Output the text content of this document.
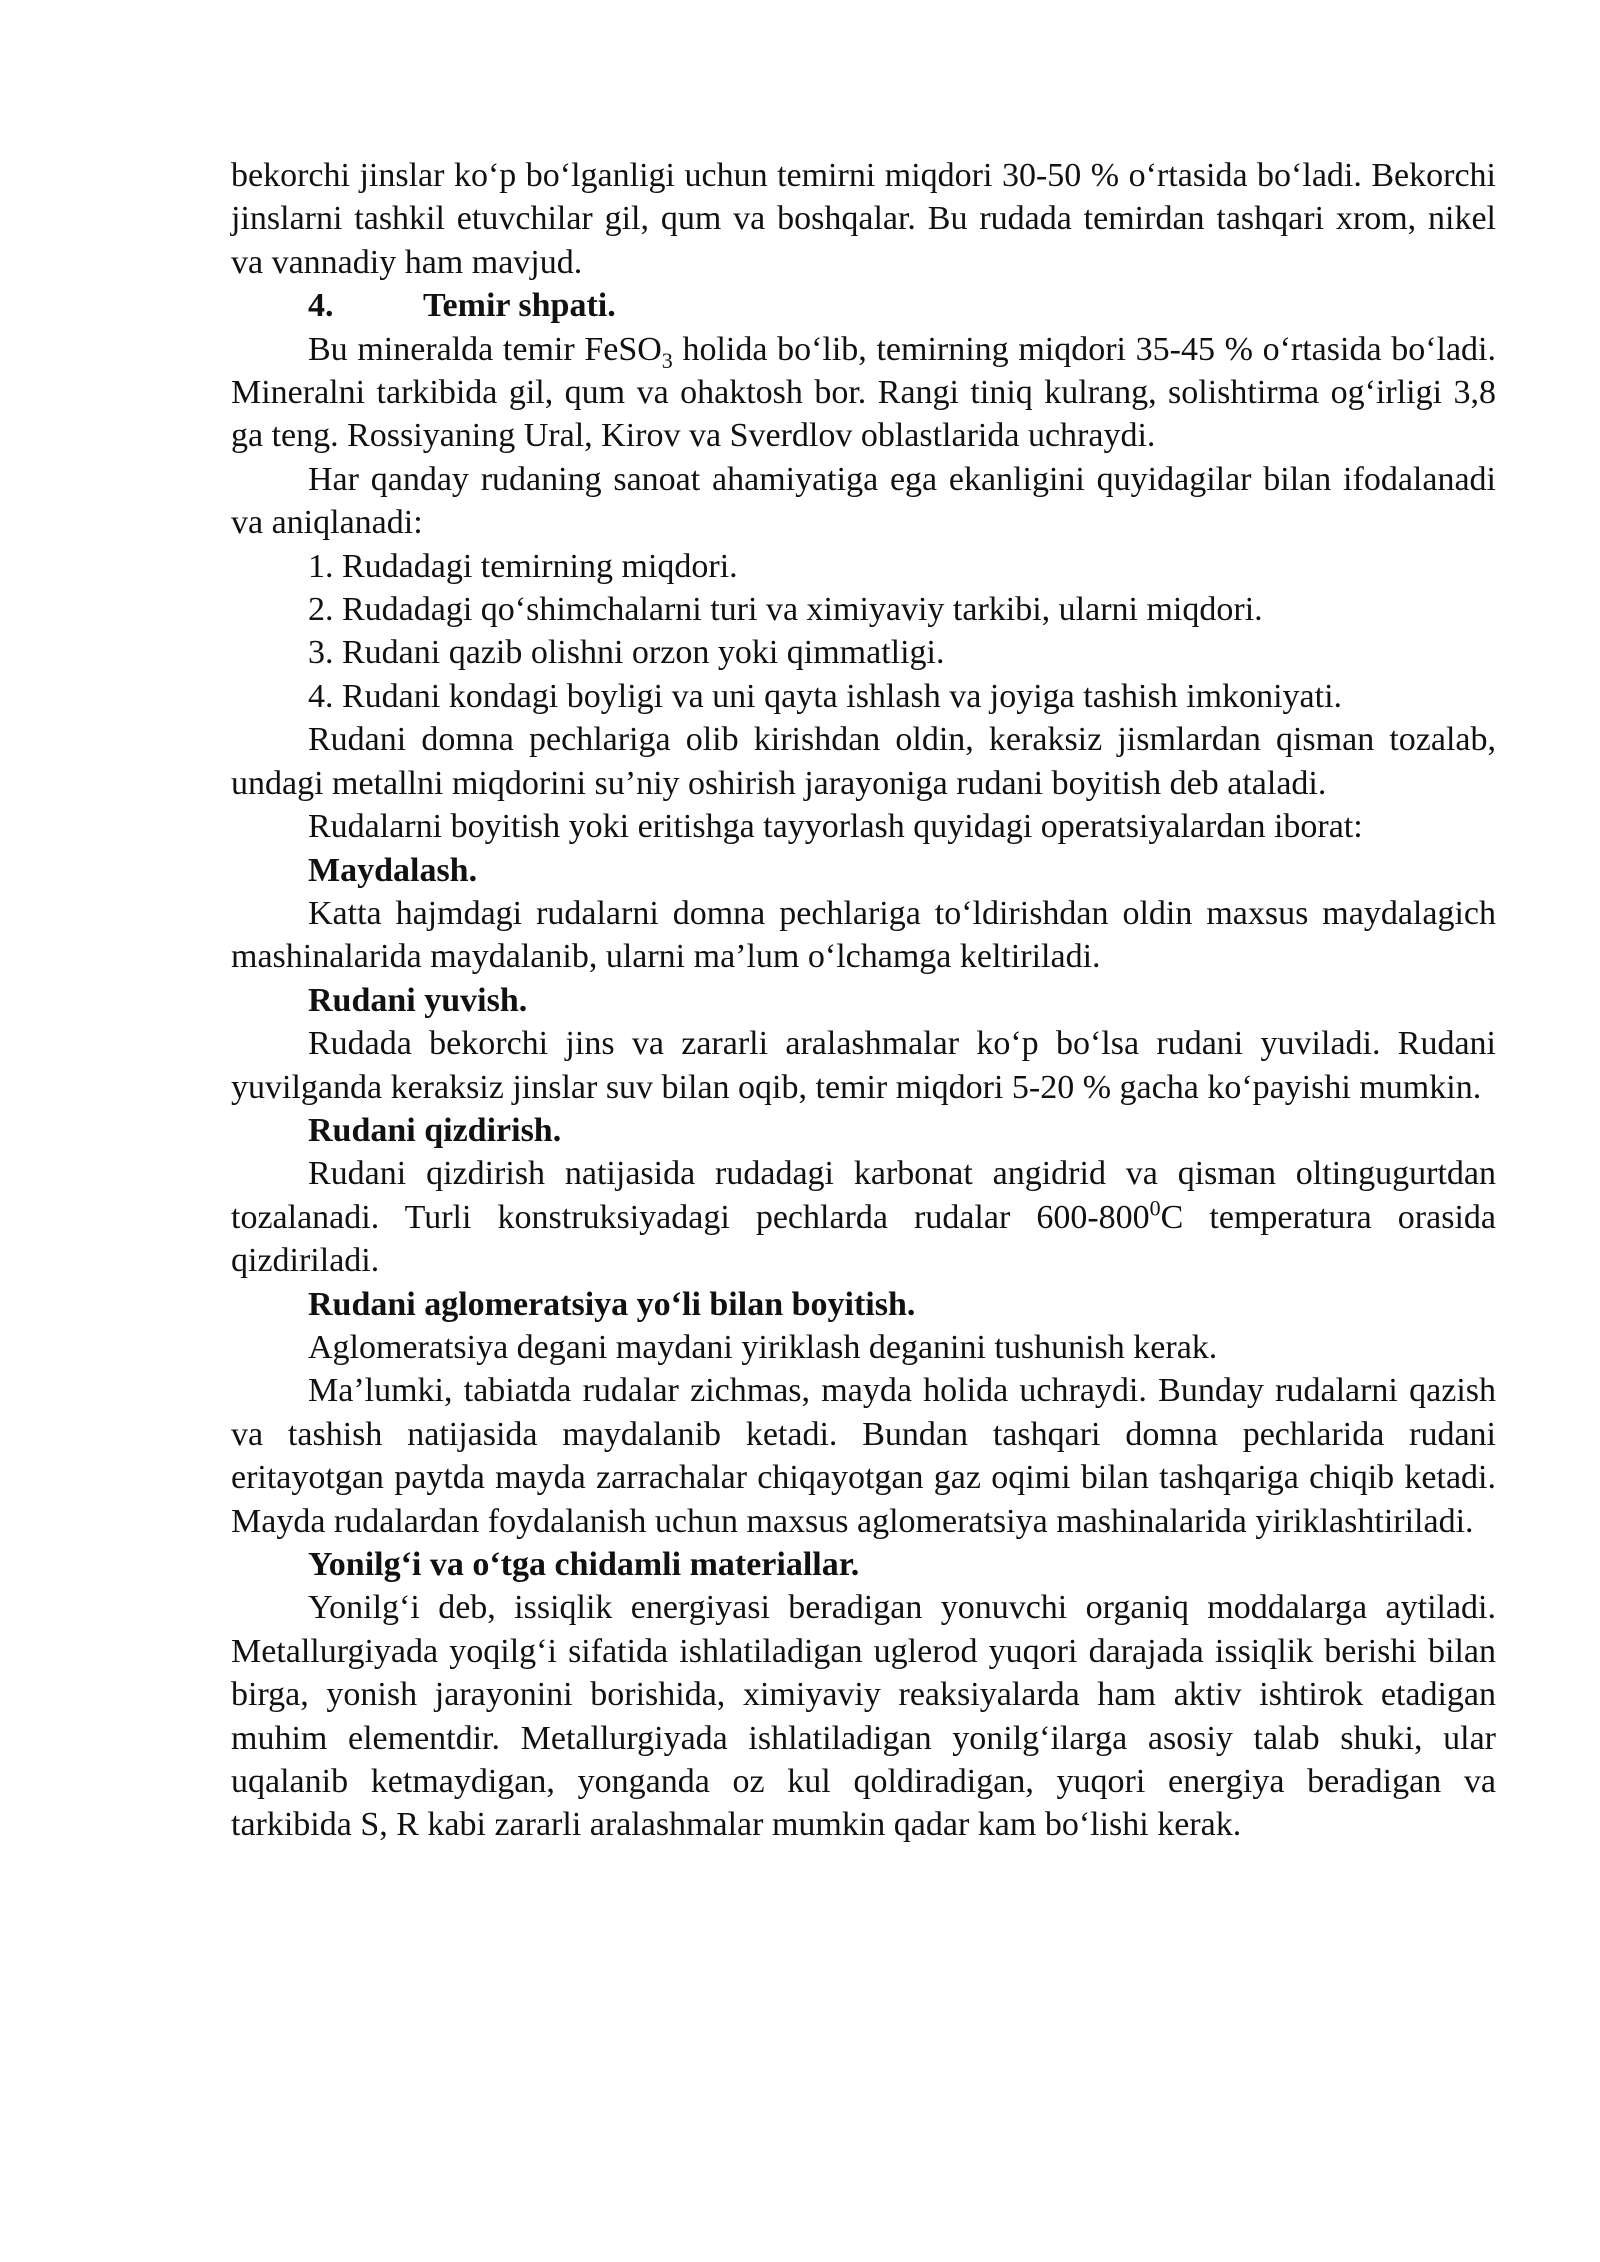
bekorchi jinslar ko‘p bo‘lganligi uchun temirni miqdori 30-50 % o‘rtasida bo‘ladi. Bekorchi jinslarni tashkil etuvchilar gil, qum va boshqalar. Bu rudada temirdan tashqari xrom, nikel va vannadiy ham mavjud.

4.	Temir shpati.

Bu mineralda temir FeSO$_3$ holida bo‘lib, temirning miqdori 35-45 % o‘rtasida bo‘ladi. Mineralni tarkibida gil, qum va ohaktosh bor. Rangi tiniq kulrang, solishtirma og‘irligi 3,8 ga teng. Rossiyaning Ural, Kirov va Sverdlov oblastlarida uchraydi.

Har qanday rudaning sanoat ahamiyatiga ega ekanligini quyidagilar bilan ifodalanadi va aniqlanadi:

1. Rudadagi temirning miqdori.

2. Rudadagi qo‘shimchalarni turi va ximiyaviy tarkibi, ularni miqdori.

3. Rudani qazib olishni orzon yoki qimmatligi.

4. Rudani kondagi boyligi va uni qayta ishlash va joyiga tashish imkoniyati.

Rudani domna pechlariga olib kirishdan oldin, keraksiz jismlardan qisman tozalab, undagi metallni miqdorini su’niy oshirish jarayoniga rudani boyitish deb ataladi.

Rudalarni boyitish yoki eritishga tayyorlash quyidagi operatsiyalardan iborat:

Maydalash.

Katta hajmdagi rudalarni domna pechlariga to‘ldirishdan oldin maxsus maydalagich mashinalarida maydalanib, ularni ma’lum o‘lchamga keltiriladi.

Rudani yuvish.

Rudada bekorchi jins va zararli aralashmalar ko‘p bo‘lsa rudani yuviladi. Rudani yuvilganda keraksiz jinslar suv bilan oqib, temir miqdori 5-20 % gacha ko‘payishi mumkin.

Rudani qizdirish.

Rudani qizdirish natijasida rudadagi karbonat angidrid va qisman oltingugurtdan tozalanadi. Turli konstruksiyadagi pechlarda rudalar $600-800^0C$ temperatura orasida qizdiriladi.

Rudani aglomeratsiya yo‘li bilan boyitish.

Aglomeratsiya degani maydani yiriklash deganini tushunish kerak.

Ma’lumki, tabiatda rudalar zichmas, mayda holida uchraydi. Bunday rudalarni qazish va tashish natijasida maydalanib ketadi. Bundan tashqari domna pechlarida rudani eritayotgan paytda mayda zarrachalar chiqayotgan gaz oqimi bilan tashqariga chiqib ketadi. Mayda rudalardan foydalanish uchun maxsus aglomeratsiya mashinalarida yiriklashtiriladi.

Yonilg‘i va o‘tga chidamli materiallar.

Yonilg‘i deb, issiqlik energiyasi beradigan yonuvchi organiq moddalarga aytiladi. Metallurgiyada yoqilg‘i sifatida ishlatiladigan uglerod yuqori darajada issiqlik berishi bilan birga, yonish jarayonini borishida, ximiyaviy reaksiyalarda ham aktiv ishtirok etadigan muhim elementdir. Metallurgiyada ishlatiladigan yonilg‘ilarga asosiy talab shuki, ular uqalanib ketmaydigan, yonganda oz kul qoldiradigan, yuqori energiya beradigan va tarkibida S, R kabi zararli aralashmalar mumkin qadar kam bo‘lishi kerak.
